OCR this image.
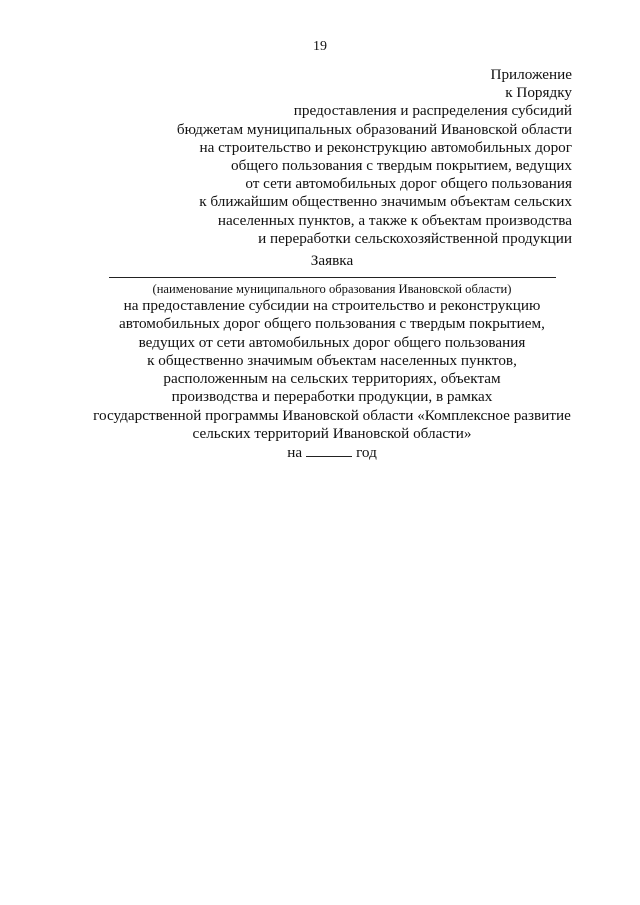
19
Приложение
к Порядку
предоставления и распределения субсидий
бюджетам муниципальных образований Ивановской области
на строительство и реконструкцию автомобильных дорог
общего пользования с твердым покрытием, ведущих
от сети автомобильных дорог общего пользования
к ближайшим общественно значимым объектам сельских
населенных пунктов, а также к объектам производства
и переработки сельскохозяйственной продукции
Заявка
(наименование муниципального образования Ивановской области)
на предоставление субсидии на строительство и реконструкцию
автомобильных дорог общего пользования с твердым покрытием,
ведущих от сети автомобильных дорог общего пользования
к общественно значимым объектам населенных пунктов,
расположенным на сельских территориях, объектам
производства и переработки продукции, в рамках
государственной программы Ивановской области «Комплексное развитие
сельских территорий Ивановской области»
на	год
